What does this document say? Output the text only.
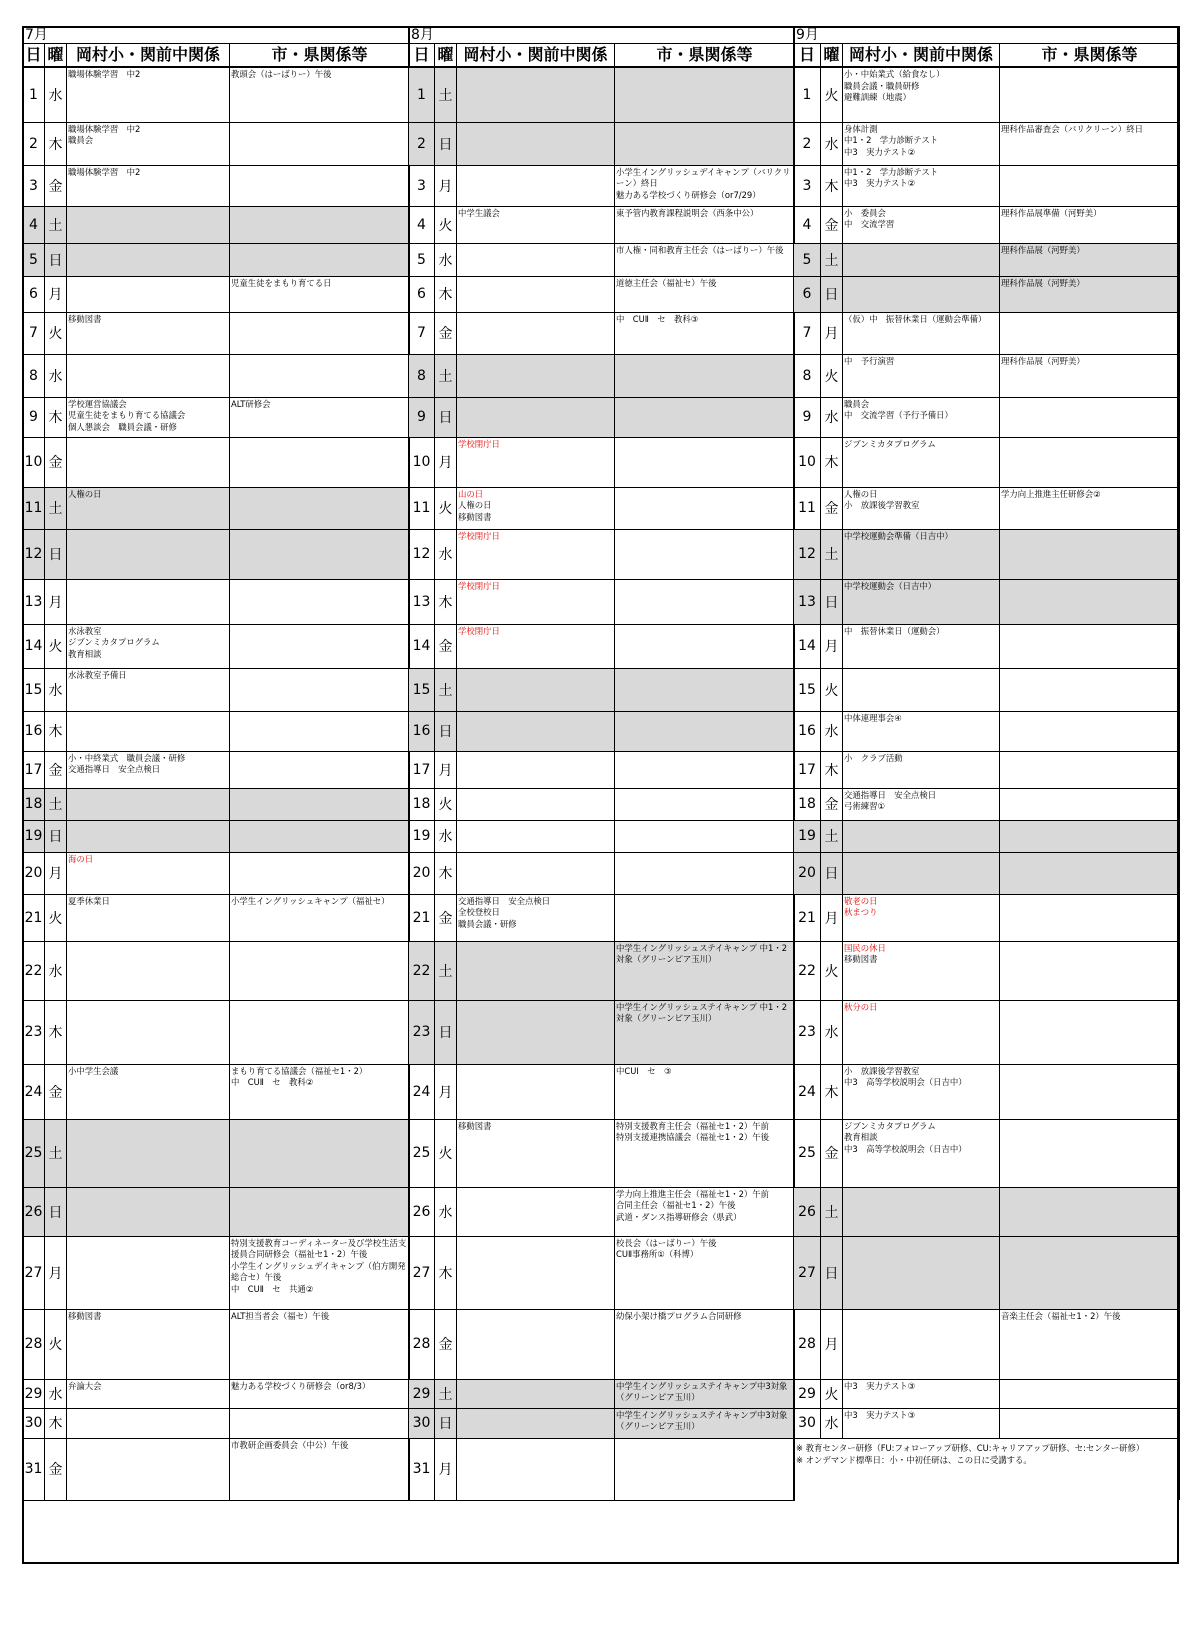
7月			
日	曜	岡村小・関前中関係	市・県関係等
1	水	職場体験学習　中2	教頭会（はーばりー）午後
2	木	職場体験学習　中2
職員会	
3	金	職場体験学習　中2	
4	土		
5	日		
6	月		児童生徒をまもり育てる日
7	火	移動図書	
8	水		
9	木	学校運営協議会
児童生徒をまもり育てる協議会
個人懇談会　職員会議・研修	ALT研修会
10	金		
11	土	人権の日	
12	日		
13	月		
14	火	水泳教室
ジブンミカタプログラム
教育相談	
15	水	水泳教室予備日	
16	木		
17	金	小・中終業式　職員会議・研修
交通指導日　安全点検日	
18	土		
19	日		
20	月	海の日	
21	火	夏季休業日	小学生イングリッシュキャンプ（福祉セ）
22	水		
23	木		
24	金	小中学生会議	まもり育てる協議会（福祉セ1・2）
中　CUⅡ　セ　教科②
25	土		
26	日		
27	月		特別支援教育コーディネーター及び学校生活支援員合同研修会（福祉セ1・2）午後
小学生イングリッシュデイキャンプ（伯方開発総合セ）午後
中　CUⅡ　セ　共通②
28	火	移動図書	ALT担当者会（福セ）午後
29	水	弁論大会	魅力ある学校づくり研修会（or8/3）
30	木		
31	金		市教研企画委員会（中公）午後
8月			
日	曜	岡村小・関前中関係	市・県関係等
1	土		
2	日		
3	月		小学生イングリッシュデイキャンプ（バリクリーン）終日
魅力ある学校づくり研修会（or7/29）
4	火	中学生議会	東予管内教育課程説明会（西条中公）
5	水		市人権・同和教育主任会（はーばりー）午後
6	木		道徳主任会（福祉セ）午後
7	金		中　CUⅡ　セ　教科③
8	土		
9	日		
10	月	学校閉庁日	
11	火	山の日
人権の日
移動図書	
12	水	学校閉庁日	
13	木	学校閉庁日	
14	金	学校閉庁日	
15	土		
16	日		
17	月		
18	火		
19	水		
20	木		
21	金	交通指導日　安全点検日
全校登校日
職員会議・研修	
22	土		中学生イングリッシュステイキャンプ 中1・2対象（グリーンピア玉川）
23	日		中学生イングリッシュステイキャンプ 中1・2対象（グリーンピア玉川）
24	月		中CUⅠ　セ　③
25	火	移動図書	特別支援教育主任会（福祉セ1・2）午前
特別支援連携協議会（福祉セ1・2）午後
26	水		学力向上推進主任会（福祉セ1・2）午前
合同主任会（福祉セ1・2）午後
武道・ダンス指導研修会（県武）
27	木		校長会（はーばりー）午後
CUⅡ事務所①（科博）
28	金		幼保小架け橋プログラム合同研修
29	土		中学生イングリッシュステイキャンプ中3対象（グリーンピア玉川）
30	日		中学生イングリッシュステイキャンプ中3対象（グリーンピア玉川）
31	月		
9月			
日	曜	岡村小・関前中関係	市・県関係等
1	火	小・中始業式（給食なし）
職員会議・職員研修
避難訓練（地震）	
2	水	身体計測
中1・2　学力診断テスト
中3　実力テスト②	理科作品審査会（バリクリーン）終日
3	木	中1・2　学力診断テスト
中3　実力テスト②	
4	金	小　委員会
中　交流学習	理科作品展準備（河野美）
5	土		理科作品展（河野美）
6	日		理科作品展（河野美）
7	月	（仮）中　振替休業日（運動会準備）	
8	火	中　予行演習	理科作品展（河野美）
9	水	職員会
中　交流学習（予行予備日）	
10	木	ジブンミカタプログラム	
11	金	人権の日
小　放課後学習教室	学力向上推進主任研修会②
12	土	中学校運動会準備（日吉中）	
13	日	中学校運動会（日吉中）	
14	月	中　振替休業日（運動会）	
15	火		
16	水	中体連理事会④	
17	木	小　クラブ活動	
18	金	交通指導日　安全点検日
弓術練習①	
19	土		
20	日		
21	月	敬老の日
秋まつり	
22	火	国民の休日
移動図書	
23	水	秋分の日	
24	木	小　放課後学習教室
中3　高等学校説明会（日吉中）	
25	金	ジブンミカタプログラム
教育相談
中3　高等学校説明会（日吉中）	
26	土		
27	日		
28	月		音楽主任会（福祉セ1・2）午後
29	火	中3　実力テスト③	
30	水	中3　実力テスト③	
※ 教育センター研修（FU:フォローアップ研修、CU:キャリアアップ研修、セ:センター研修）
※ オンデマンド標準日：小・中初任研は、この日に受講する。			
